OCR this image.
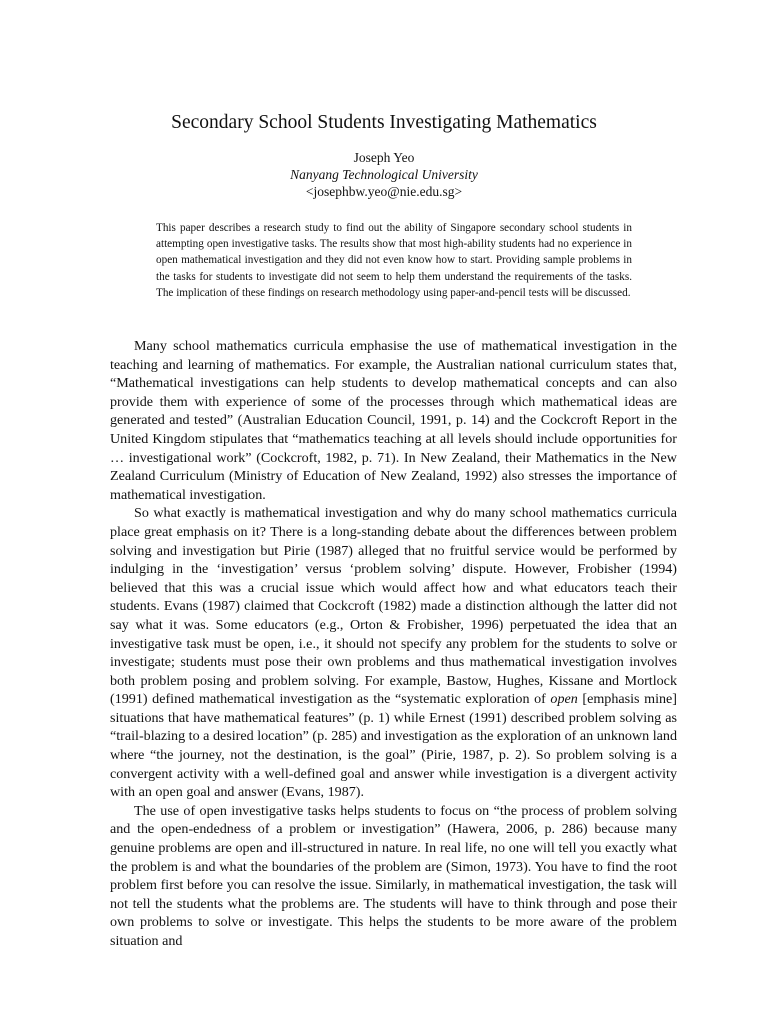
Secondary School Students Investigating Mathematics
Joseph Yeo
Nanyang Technological University
<josephbw.yeo@nie.edu.sg>

This paper describes a research study to find out the ability of Singapore secondary school students in attempting open investigative tasks. The results show that most high-ability students had no experience in open mathematical investigation and they did not even know how to start. Providing sample problems in the tasks for students to investigate did not seem to help them understand the requirements of the tasks. The implication of these findings on research methodology using paper-and-pencil tests will be discussed.

Many school mathematics curricula emphasise the use of mathematical investigation in the teaching and learning of mathematics. For example, the Australian national curriculum states that, “Mathematical investigations can help students to develop mathematical concepts and can also provide them with experience of some of the processes through which mathematical ideas are generated and tested” (Australian Education Council, 1991, p. 14) and the Cockcroft Report in the United Kingdom stipulates that “mathematics teaching at all levels should include opportunities for … investigational work” (Cockcroft, 1982, p. 71). In New Zealand, their Mathematics in the New Zealand Curriculum (Ministry of Education of New Zealand, 1992) also stresses the importance of mathematical investigation.

So what exactly is mathematical investigation and why do many school mathematics curricula place great emphasis on it? There is a long-standing debate about the differences between problem solving and investigation but Pirie (1987) alleged that no fruitful service would be performed by indulging in the ‘investigation’ versus ‘problem solving’ dispute. However, Frobisher (1994) believed that this was a crucial issue which would affect how and what educators teach their students. Evans (1987) claimed that Cockcroft (1982) made a distinction although the latter did not say what it was. Some educators (e.g., Orton & Frobisher, 1996) perpetuated the idea that an investigative task must be open, i.e., it should not specify any problem for the students to solve or investigate; students must pose their own problems and thus mathematical investigation involves both problem posing and problem solving. For example, Bastow, Hughes, Kissane and Mortlock (1991) defined mathematical investigation as the “systematic exploration of open [emphasis mine] situations that have mathematical features” (p. 1) while Ernest (1991) described problem solving as “trail-blazing to a desired location” (p. 285) and investigation as the exploration of an unknown land where “the journey, not the destination, is the goal” (Pirie, 1987, p. 2). So problem solving is a convergent activity with a well-defined goal and answer while investigation is a divergent activity with an open goal and answer (Evans, 1987).

The use of open investigative tasks helps students to focus on “the process of problem solving and the open-endedness of a problem or investigation” (Hawera, 2006, p. 286) because many genuine problems are open and ill-structured in nature. In real life, no one will tell you exactly what the problem is and what the boundaries of the problem are (Simon, 1973). You have to find the root problem first before you can resolve the issue. Similarly, in mathematical investigation, the task will not tell the students what the problems are. The students will have to think through and pose their own problems to solve or investigate. This helps the students to be more aware of the problem situation and
